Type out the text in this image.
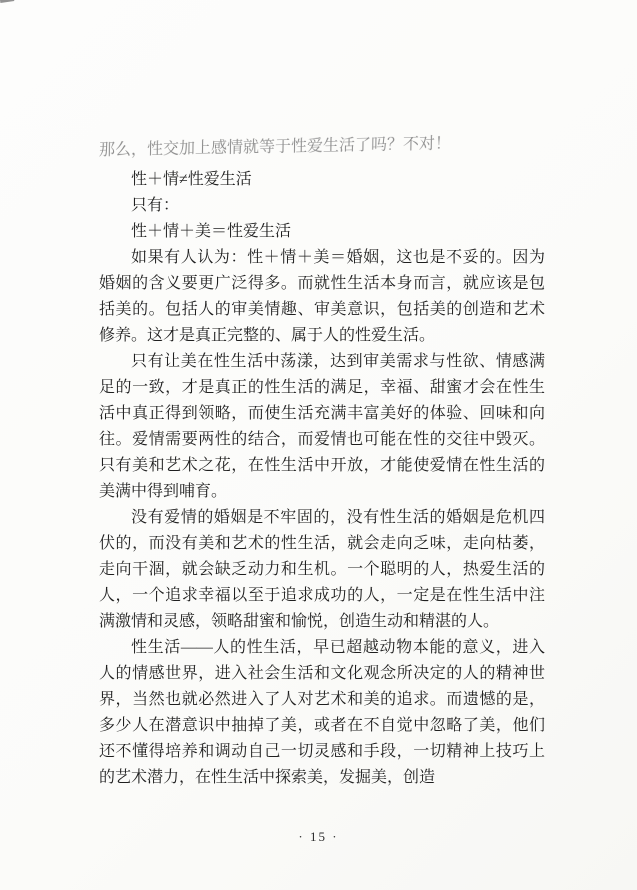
那么，性交加上感情就等于性爱生活了吗？不对！
性＋情≠性爱生活
只有：
性＋情＋美＝性爱生活

如果有人认为：性＋情＋美＝婚姻，这也是不妥的。因为婚姻的含义要更广泛得多。而就性生活本身而言，就应该是包括美的。包括人的审美情趣、审美意识，包括美的创造和艺术修养。这才是真正完整的、属于人的性爱生活。

只有让美在性生活中荡漾，达到审美需求与性欲、情感满足的一致，才是真正的性生活的满足，幸福、甜蜜才会在性生活中真正得到领略，而使生活充满丰富美好的体验、回味和向往。爱情需要两性的结合，而爱情也可能在性的交往中毁灭。只有美和艺术之花，在性生活中开放，才能使爱情在性生活的美满中得到哺育。

没有爱情的婚姻是不牢固的，没有性生活的婚姻是危机四伏的，而没有美和艺术的性生活，就会走向乏味，走向枯萎，走向干涸，就会缺乏动力和生机。一个聪明的人，热爱生活的人，一个追求幸福以至于追求成功的人，一定是在性生活中注满激情和灵感，领略甜蜜和愉悦，创造生动和精湛的人。

性生活——人的性生活，早已超越动物本能的意义，进入人的情感世界，进入社会生活和文化观念所决定的人的精神世界，当然也就必然进入了人对艺术和美的追求。而遗憾的是，多少人在潜意识中抽掉了美，或者在不自觉中忽略了美，他们还不懂得培养和调动自己一切灵感和手段，一切精神上技巧上的艺术潜力，在性生活中探索美，发掘美，创造

· 15 ·
